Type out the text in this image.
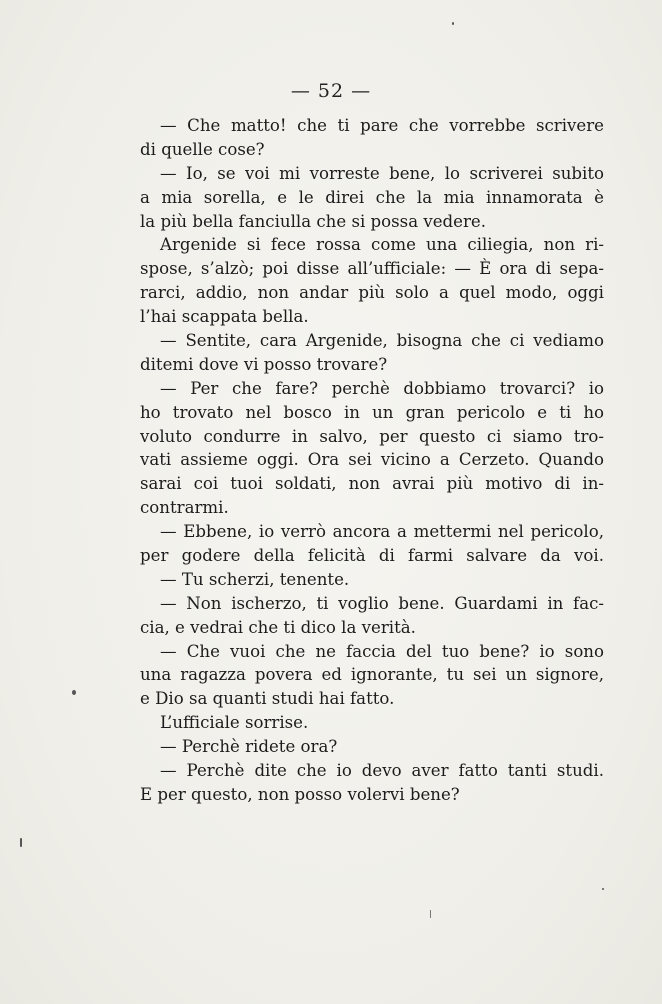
— 52 —
— Che matto! che ti pare che vorrebbe scrivere
di quelle cose?
— Io, se voi mi vorreste bene, lo scriverei subito
a mia sorella, e le direi che la mia innamorata è
la più bella fanciulla che si possa vedere.
Argenide si fece rossa come una ciliegia, non ri-
spose, s’alzò; poi disse all’ufficiale: — È ora di sepa-
rarci, addio, non andar più solo a quel modo, oggi
l’hai scappata bella.
— Sentite, cara Argenide, bisogna che ci vediamo
ditemi dove vi posso trovare?
— Per che fare? perchè dobbiamo trovarci? io
ho trovato nel bosco in un gran pericolo e ti ho
voluto condurre in salvo, per questo ci siamo tro-
vati assieme oggi. Ora sei vicino a Cerzeto. Quando
sarai coi tuoi soldati, non avrai più motivo di in-
contrarmi.
— Ebbene, io verrò ancora a mettermi nel pericolo,
per godere della felicità di farmi salvare da voi.
— Tu scherzi, tenente.
— Non ischerzo, ti voglio bene. Guardami in fac-
cia, e vedrai che ti dico la verità.
— Che vuoi che ne faccia del tuo bene? io sono
una ragazza povera ed ignorante, tu sei un signore,
e Dio sa quanti studi hai fatto.
L’ufficiale sorrise.
— Perchè ridete ora?
— Perchè dite che io devo aver fatto tanti studi.
E per questo, non posso volervi bene?
